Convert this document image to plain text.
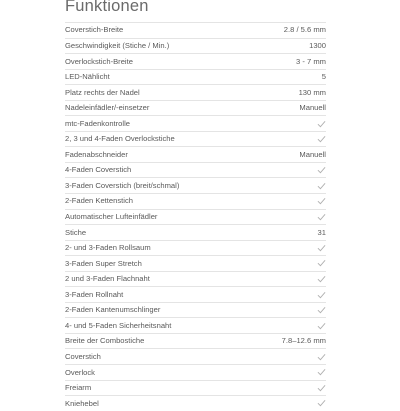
Funktionen
Coverstich-Breite	2.8 / 5.6 mm
Geschwindigkeit (Stiche / Min.)	1300
Overlockstich-Breite	3 - 7 mm
LED-Nählicht	5
Platz rechts der Nadel	130 mm
Nadeleinfädler/-einsetzer	Manuell
mtc-Fadenkontrolle
2, 3 und 4-Faden Overlockstiche
Fadenabschneider	Manuell
4-Faden Coverstich
3-Faden Coverstich (breit/schmal)
2-Faden Kettenstich
Automatischer Lufteinfädler
Stiche	31
2- und 3-Faden Rollsaum
3-Faden Super Stretch
2 und 3-Faden Flachnaht
3-Faden Rollnaht
2-Faden Kantenumschlinger
4- und 5-Faden Sicherheitsnaht
Breite der Combostiche	7.8–12.6 mm
Coverstich
Overlock
Freiarm
Kniehebel
